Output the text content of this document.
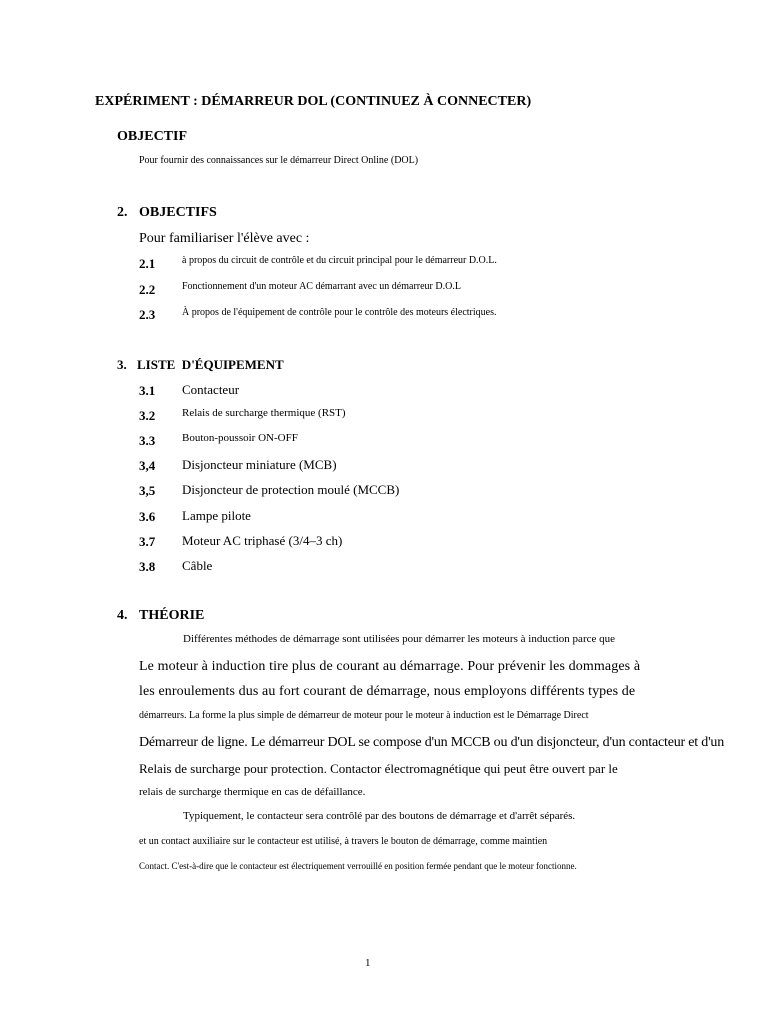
EXPÉRIMENT : DÉMARREUR DOL (CONTINUEZ À CONNECTER)
OBJECTIF
Pour fournir des connaissances sur le démarreur Direct Online (DOL)
2. OBJECTIFS
Pour familiariser l'élève avec :
2.1	à propos du circuit de contrôle et du circuit principal pour le démarreur D.O.L.
2.2	Fonctionnement d'un moteur AC démarrant avec un démarreur D.O.L
2.3	À propos de l'équipement de contrôle pour le contrôle des moteurs électriques.
3. LISTE  D'ÉQUIPEMENT
3.1 Contacteur
3.2 Relais de surcharge thermique (RST)
3.3 Bouton-poussoir ON-OFF
3,4 Disjoncteur miniature (MCB)
3,5 Disjoncteur de protection moulé (MCCB)
3.6 Lampe pilote
3.7 Moteur AC triphasé (3/4–3 ch)
3.8 Câble
4. THÉORIE
Différentes méthodes de démarrage sont utilisées pour démarrer les moteurs à induction parce que
Le moteur à induction tire plus de courant au démarrage. Pour prévenir les dommages à
les enroulements dus au fort courant de démarrage, nous employons différents types de
démarreurs. La forme la plus simple de démarreur de moteur pour le moteur à induction est le Démarrage Direct
Démarreur de ligne. Le démarreur DOL se compose d'un MCCB ou d'un disjoncteur, d'un contacteur et d'un
Relais de surcharge pour protection. Contactor électromagnétique qui peut être ouvert par le
relais de surcharge thermique en cas de défaillance.
Typiquement, le contacteur sera contrôlé par des boutons de démarrage et d'arrêt séparés.
et un contact auxiliaire sur le contacteur est utilisé, à travers le bouton de démarrage, comme maintien
Contact. C'est-à-dire que le contacteur est électriquement verrouillé en position fermée pendant que le moteur fonctionne.
1
